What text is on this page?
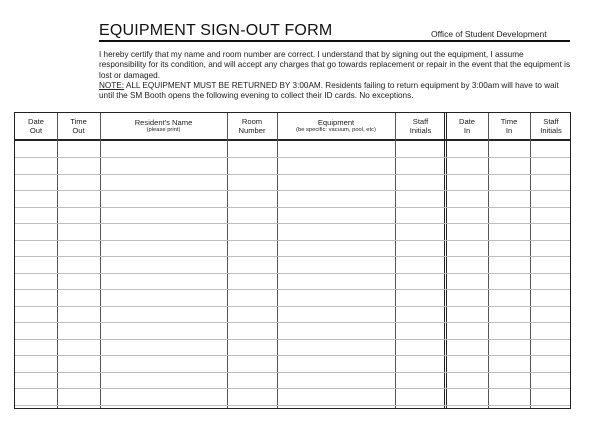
EQUIPMENT SIGN-OUT FORM	Office of Student Development

I hereby certify that my name and room number are correct. I understand that by signing out the equipment, I assume responsibility for its condition, and will accept any charges that go towards replacement or repair in the event that the equipment is lost or damaged.

NOTE: ALL EQUIPMENT MUST BE RETURNED BY 3:00AM. Residents failing to return equipment by 3:00am will have to wait until the SM Booth opens the following evening to collect their ID cards. No exceptions.

Date
Out
Time
Out
Resident's Name
(please print)
Room
Number
Equipment
(be specific: vacuum, pool, etc)
Staff
Initials
Date
In
Time
In
Staff
Initials
